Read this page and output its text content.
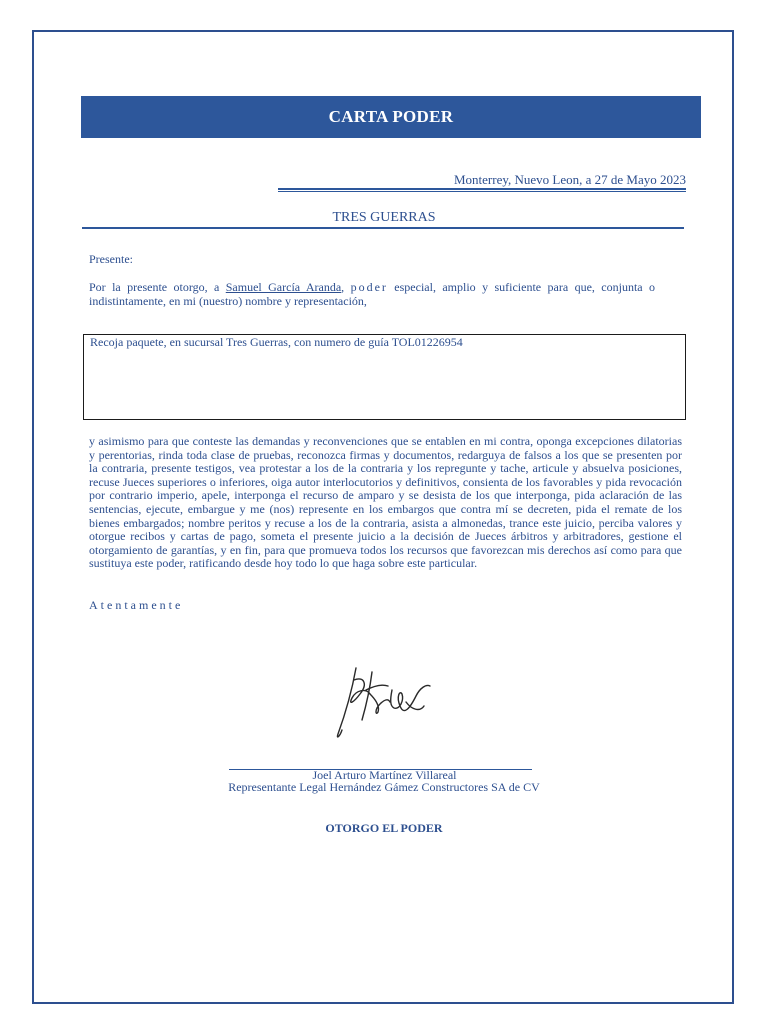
CARTA PODER
Monterrey, Nuevo Leon, a 27 de Mayo 2023
TRES GUERRAS
Presente:
Por la presente otorgo, a Samuel García Aranda, poder especial, amplio y suficiente para que, conjunta o indistintamente, en mi (nuestro) nombre y representación,
Recoja paquete, en sucursal Tres Guerras, con numero de guía TOL01226954
y asimismo para que conteste las demandas y reconvenciones que se entablen en mi contra, oponga excepciones dilatorias y perentorias, rinda toda clase de pruebas, reconozca firmas y documentos, redarguya de falsos a los que se presenten por la contraria, presente testigos, vea protestar a los de la contraria y los repregunte y tache, articule y absuelva posiciones, recuse Jueces superiores o inferiores, oiga autor interlocutorios y definitivos, consienta de los favorables y pida revocación por contrario imperio, apele, interponga el recurso de amparo y se desista de los que interponga, pida aclaración de las sentencias, ejecute, embargue y me (nos) represente en los embargos que contra mí se decreten, pida el remate de los bienes embargados; nombre peritos y recuse a los de la contraria, asista a almonedas, trance este juicio, perciba valores y otorgue recibos y cartas de pago, someta el presente juicio a la decisión de Jueces árbitros y arbitradores, gestione el otorgamiento de garantías, y en fin, para que promueva todos los recursos que favorezcan mis derechos así como para que sustituya este poder, ratificando desde hoy todo lo que haga sobre este particular.
Atentamente
Joel Arturo Martínez Villareal
Representante Legal Hernández Gámez Constructores SA de CV
OTORGO EL PODER
